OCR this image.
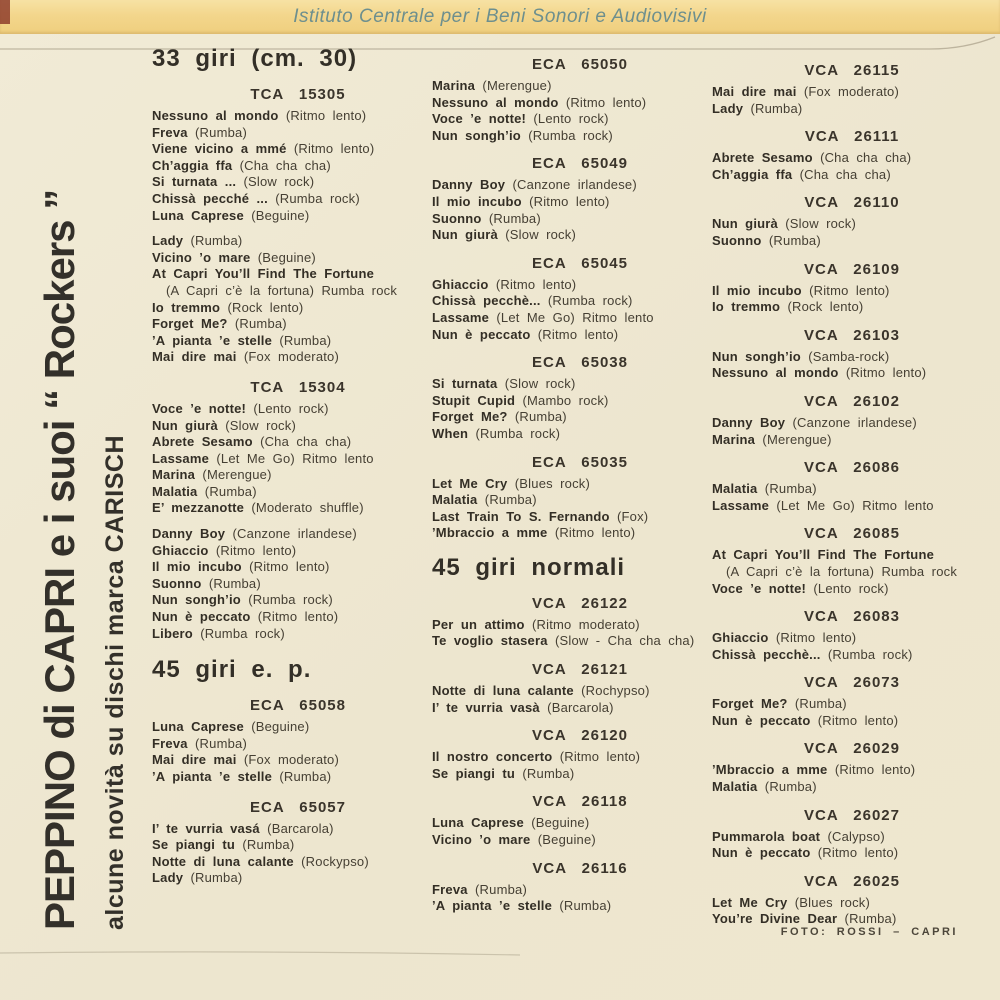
Istituto Centrale per i Beni Sonori e Audiovisivi
PEPPINO di CAPRI e i suoi “ Rockers ” alcune novità su dischi marca CARISCH
33 giri (cm. 30)
TCA 15305
Nessuno al mondo (Ritmo lento)
Freva (Rumba)
Viene vicino a mmé (Ritmo lento)
Ch’aggia ffa (Cha cha cha)
Si turnata ... (Slow rock)
Chissà pecché ... (Rumba rock)
Luna Caprese (Beguine)
Lady (Rumba)
Vicino ’o mare (Beguine)
At Capri You’ll Find The Fortune
(A Capri c’è la fortuna) Rumba rock
Io tremmo (Rock lento)
Forget Me? (Rumba)
’A pianta ’e stelle (Rumba)
Mai dire mai (Fox moderato)
TCA 15304
Voce ’e notte! (Lento rock)
Nun giurà (Slow rock)
Abrete Sesamo (Cha cha cha)
Lassame (Let Me Go) Ritmo lento
Marina (Merengue)
Malatia (Rumba)
E’ mezzanotte (Moderato shuffle)
Danny Boy (Canzone irlandese)
Ghiaccio (Ritmo lento)
Il mio incubo (Ritmo lento)
Suonno (Rumba)
Nun songh’io (Rumba rock)
Nun è peccato (Ritmo lento)
Libero (Rumba rock)
45 giri e. p.
ECA 65058
Luna Caprese (Beguine)
Freva (Rumba)
Mai dire mai (Fox moderato)
’A pianta ’e stelle (Rumba)
ECA 65057
I’ te vurria vasá (Barcarola)
Se piangi tu (Rumba)
Notte di luna calante (Rockypso)
Lady (Rumba)
ECA 65050
Marina (Merengue)
Nessuno al mondo (Ritmo lento)
Voce ’e notte! (Lento rock)
Nun songh’io (Rumba rock)
ECA 65049
Danny Boy (Canzone irlandese)
Il mio incubo (Ritmo lento)
Suonno (Rumba)
Nun giurà (Slow rock)
ECA 65045
Ghiaccio (Ritmo lento)
Chissà pecchè... (Rumba rock)
Lassame (Let Me Go) Ritmo lento
Nun è peccato (Ritmo lento)
ECA 65038
Si turnata (Slow rock)
Stupit Cupid (Mambo rock)
Forget Me? (Rumba)
When (Rumba rock)
ECA 65035
Let Me Cry (Blues rock)
Malatia (Rumba)
Last Train To S. Fernando (Fox)
’Mbraccio a mme (Ritmo lento)
45 giri normali
VCA 26122
Per un attimo (Ritmo moderato)
Te voglio stasera (Slow - Cha cha cha)
VCA 26121
Notte di luna calante (Rochypso)
I’ te vurria vasà (Barcarola)
VCA 26120
Il nostro concerto (Ritmo lento)
Se piangi tu (Rumba)
VCA 26118
Luna Caprese (Beguine)
Vicino ’o mare (Beguine)
VCA 26116
Freva (Rumba)
’A pianta ’e stelle (Rumba)
VCA 26115
Mai dire mai (Fox moderato)
Lady (Rumba)
VCA 26111
Abrete Sesamo (Cha cha cha)
Ch’aggia ffa (Cha cha cha)
VCA 26110
Nun giurà (Slow rock)
Suonno (Rumba)
VCA 26109
Il mio incubo (Ritmo lento)
Io tremmo (Rock lento)
VCA 26103
Nun songh’io (Samba-rock)
Nessuno al mondo (Ritmo lento)
VCA 26102
Danny Boy (Canzone irlandese)
Marina (Merengue)
VCA 26086
Malatia (Rumba)
Lassame (Let Me Go) Ritmo lento
VCA 26085
At Capri You’ll Find The Fortune
(A Capri c’è la fortuna) Rumba rock
Voce ’e notte! (Lento rock)
VCA 26083
Ghiaccio (Ritmo lento)
Chissà pecchè... (Rumba rock)
VCA 26073
Forget Me? (Rumba)
Nun è peccato (Ritmo lento)
VCA 26029
’Mbraccio a mme (Ritmo lento)
Malatia (Rumba)
VCA 26027
Pummarola boat (Calypso)
Nun è peccato (Ritmo lento)
VCA 26025
Let Me Cry (Blues rock)
You’re Divine Dear (Rumba)
FOTO: ROSSI – CAPRI
